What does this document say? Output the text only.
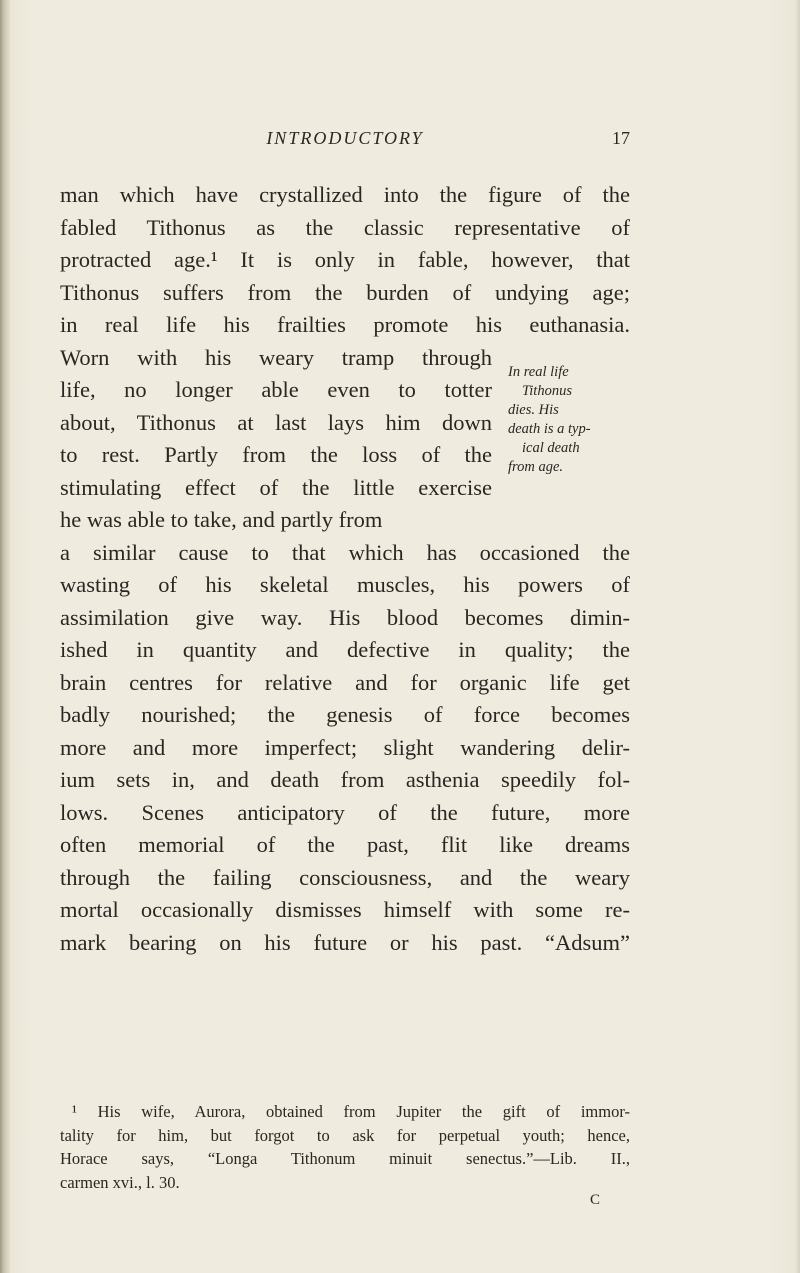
INTRODUCTORY	17
man which have crystallized into the figure of the
fabled Tithonus as the classic representative of
protracted age.¹ It is only in fable, however, that
Tithonus suffers from the burden of undying age;
in real life his frailties promote his euthanasia.
Worn with his weary tramp through
life, no longer able even to totter
about, Tithonus at last lays him down
to rest. Partly from the loss of the
stimulating effect of the little exercise
he was able to take, and partly from
a similar cause to that which has occasioned the
wasting of his skeletal muscles, his powers of
assimilation give way. His blood becomes dimin-
ished in quantity and defective in quality; the
brain centres for relative and for organic life get
badly nourished; the genesis of force becomes
more and more imperfect; slight wandering delir-
ium sets in, and death from asthenia speedily fol-
lows. Scenes anticipatory of the future, more
often memorial of the past, flit like dreams
through the failing consciousness, and the weary
mortal occasionally dismisses himself with some re-
mark bearing on his future or his past. “Adsum”
In real life
Tithonus
dies. His
death is a typ-
ical death
from age.
¹ His wife, Aurora, obtained from Jupiter the gift of immor-
tality for him, but forgot to ask for perpetual youth; hence,
Horace says, “Longa Tithonum minuit senectus.”—Lib. II.,
carmen xvi., l. 30.
C
